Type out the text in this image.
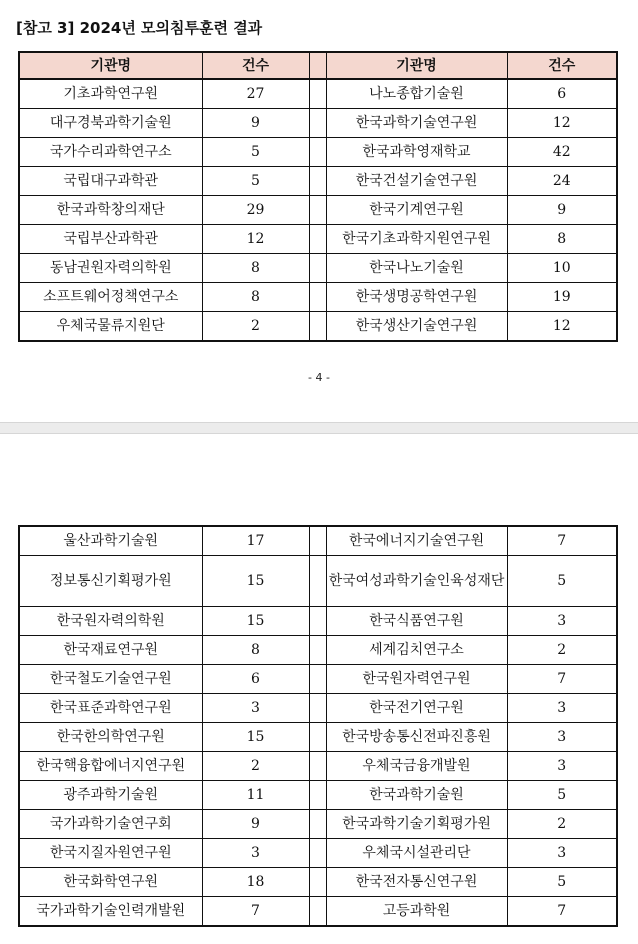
[참고 3] 2024년 모의침투훈련 결과
기관명	건수		기관명	건수
기초과학연구원	27		나노종합기술원	6
대구경북과학기술원	9		한국과학기술연구원	12
국가수리과학연구소	5		한국과학영재학교	42
국립대구과학관	5		한국건설기술연구원	24
한국과학창의재단	29		한국기계연구원	9
국립부산과학관	12		한국기초과학지원연구원	8
동남권원자력의학원	8		한국나노기술원	10
소프트웨어정책연구소	8		한국생명공학연구원	19
우체국물류지원단	2		한국생산기술연구원	12
- 4 -
울산과학기술원	17		한국에너지기술연구원	7
정보통신기획평가원	15		한국여성과학기술인육성재단	5
한국원자력의학원	15		한국식품연구원	3
한국재료연구원	8		세계김치연구소	2
한국철도기술연구원	6		한국원자력연구원	7
한국표준과학연구원	3		한국전기연구원	3
한국한의학연구원	15		한국방송통신전파진흥원	3
한국핵융합에너지연구원	2		우체국금융개발원	3
광주과학기술원	11		한국과학기술원	5
국가과학기술연구회	9		한국과학기술기획평가원	2
한국지질자원연구원	3		우체국시설관리단	3
한국화학연구원	18		한국전자통신연구원	5
국가과학기술인력개발원	7		고등과학원	7
